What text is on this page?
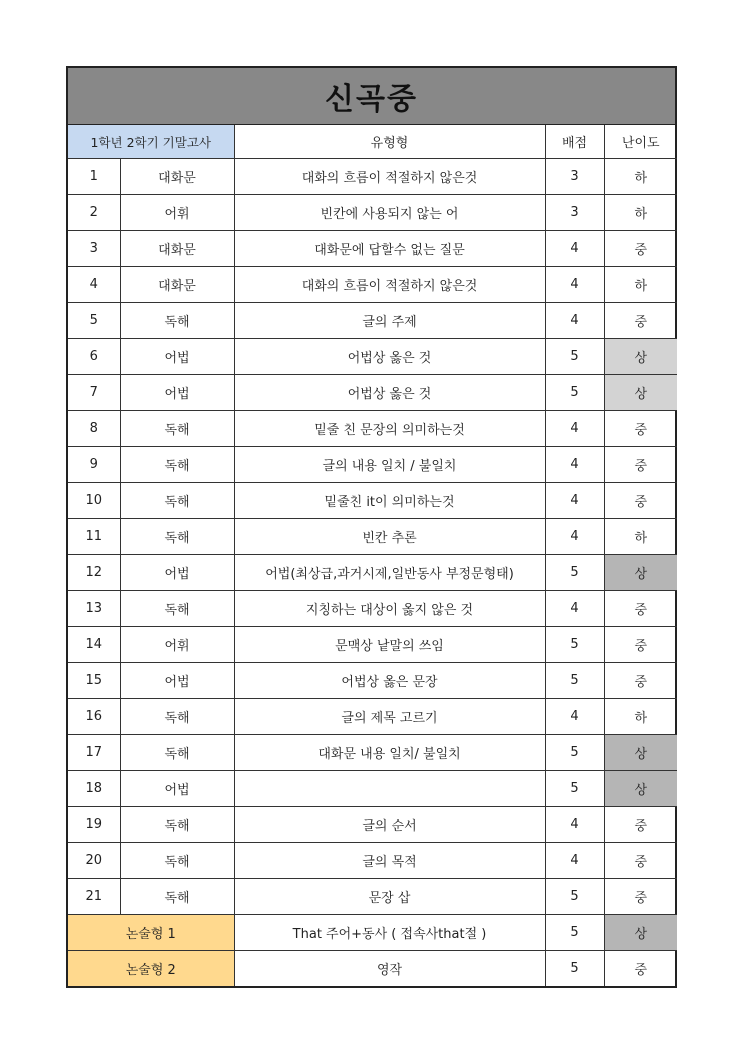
신곡중
1학년 2학기 기말고사		유형형	배점	난이도
1	대화문	대화의 흐름이 적절하지 않은것	3	하
2	어휘	빈칸에 사용되지 않는 어	3	하
3	대화문	대화문에 답할수 없는 질문	4	중
4	대화문	대화의 흐름이 적절하지 않은것	4	하
5	독해	글의 주제	4	중
6	어법	어법상 옳은 것	5	상
7	어법	어법상 옳은 것	5	상
8	독해	밑줄 친 문장의 의미하는것	4	중
9	독해	글의 내용 일치 / 불일치	4	중
10	독해	밑줄친 it이 의미하는것	4	중
11	독해	빈칸 추론	4	하
12	어법	어법(최상급,과거시제,일반동사 부정문형태)	5	상
13	독해	지칭하는 대상이 옳지 않은 것	4	중
14	어휘	문맥상 낱말의 쓰임	5	중
15	어법	어법상 옳은 문장	5	중
16	독해	글의 제목 고르기	4	하
17	독해	대화문 내용 일치/ 불일치	5	상
18	어법		5	상
19	독해	글의 순서	4	중
20	독해	글의 목적	4	중
21	독해	문장 삽	5	중
논술형 1		That 주어+동사 ( 접속사that절 )	5	상
논술형 2		영작	5	중
